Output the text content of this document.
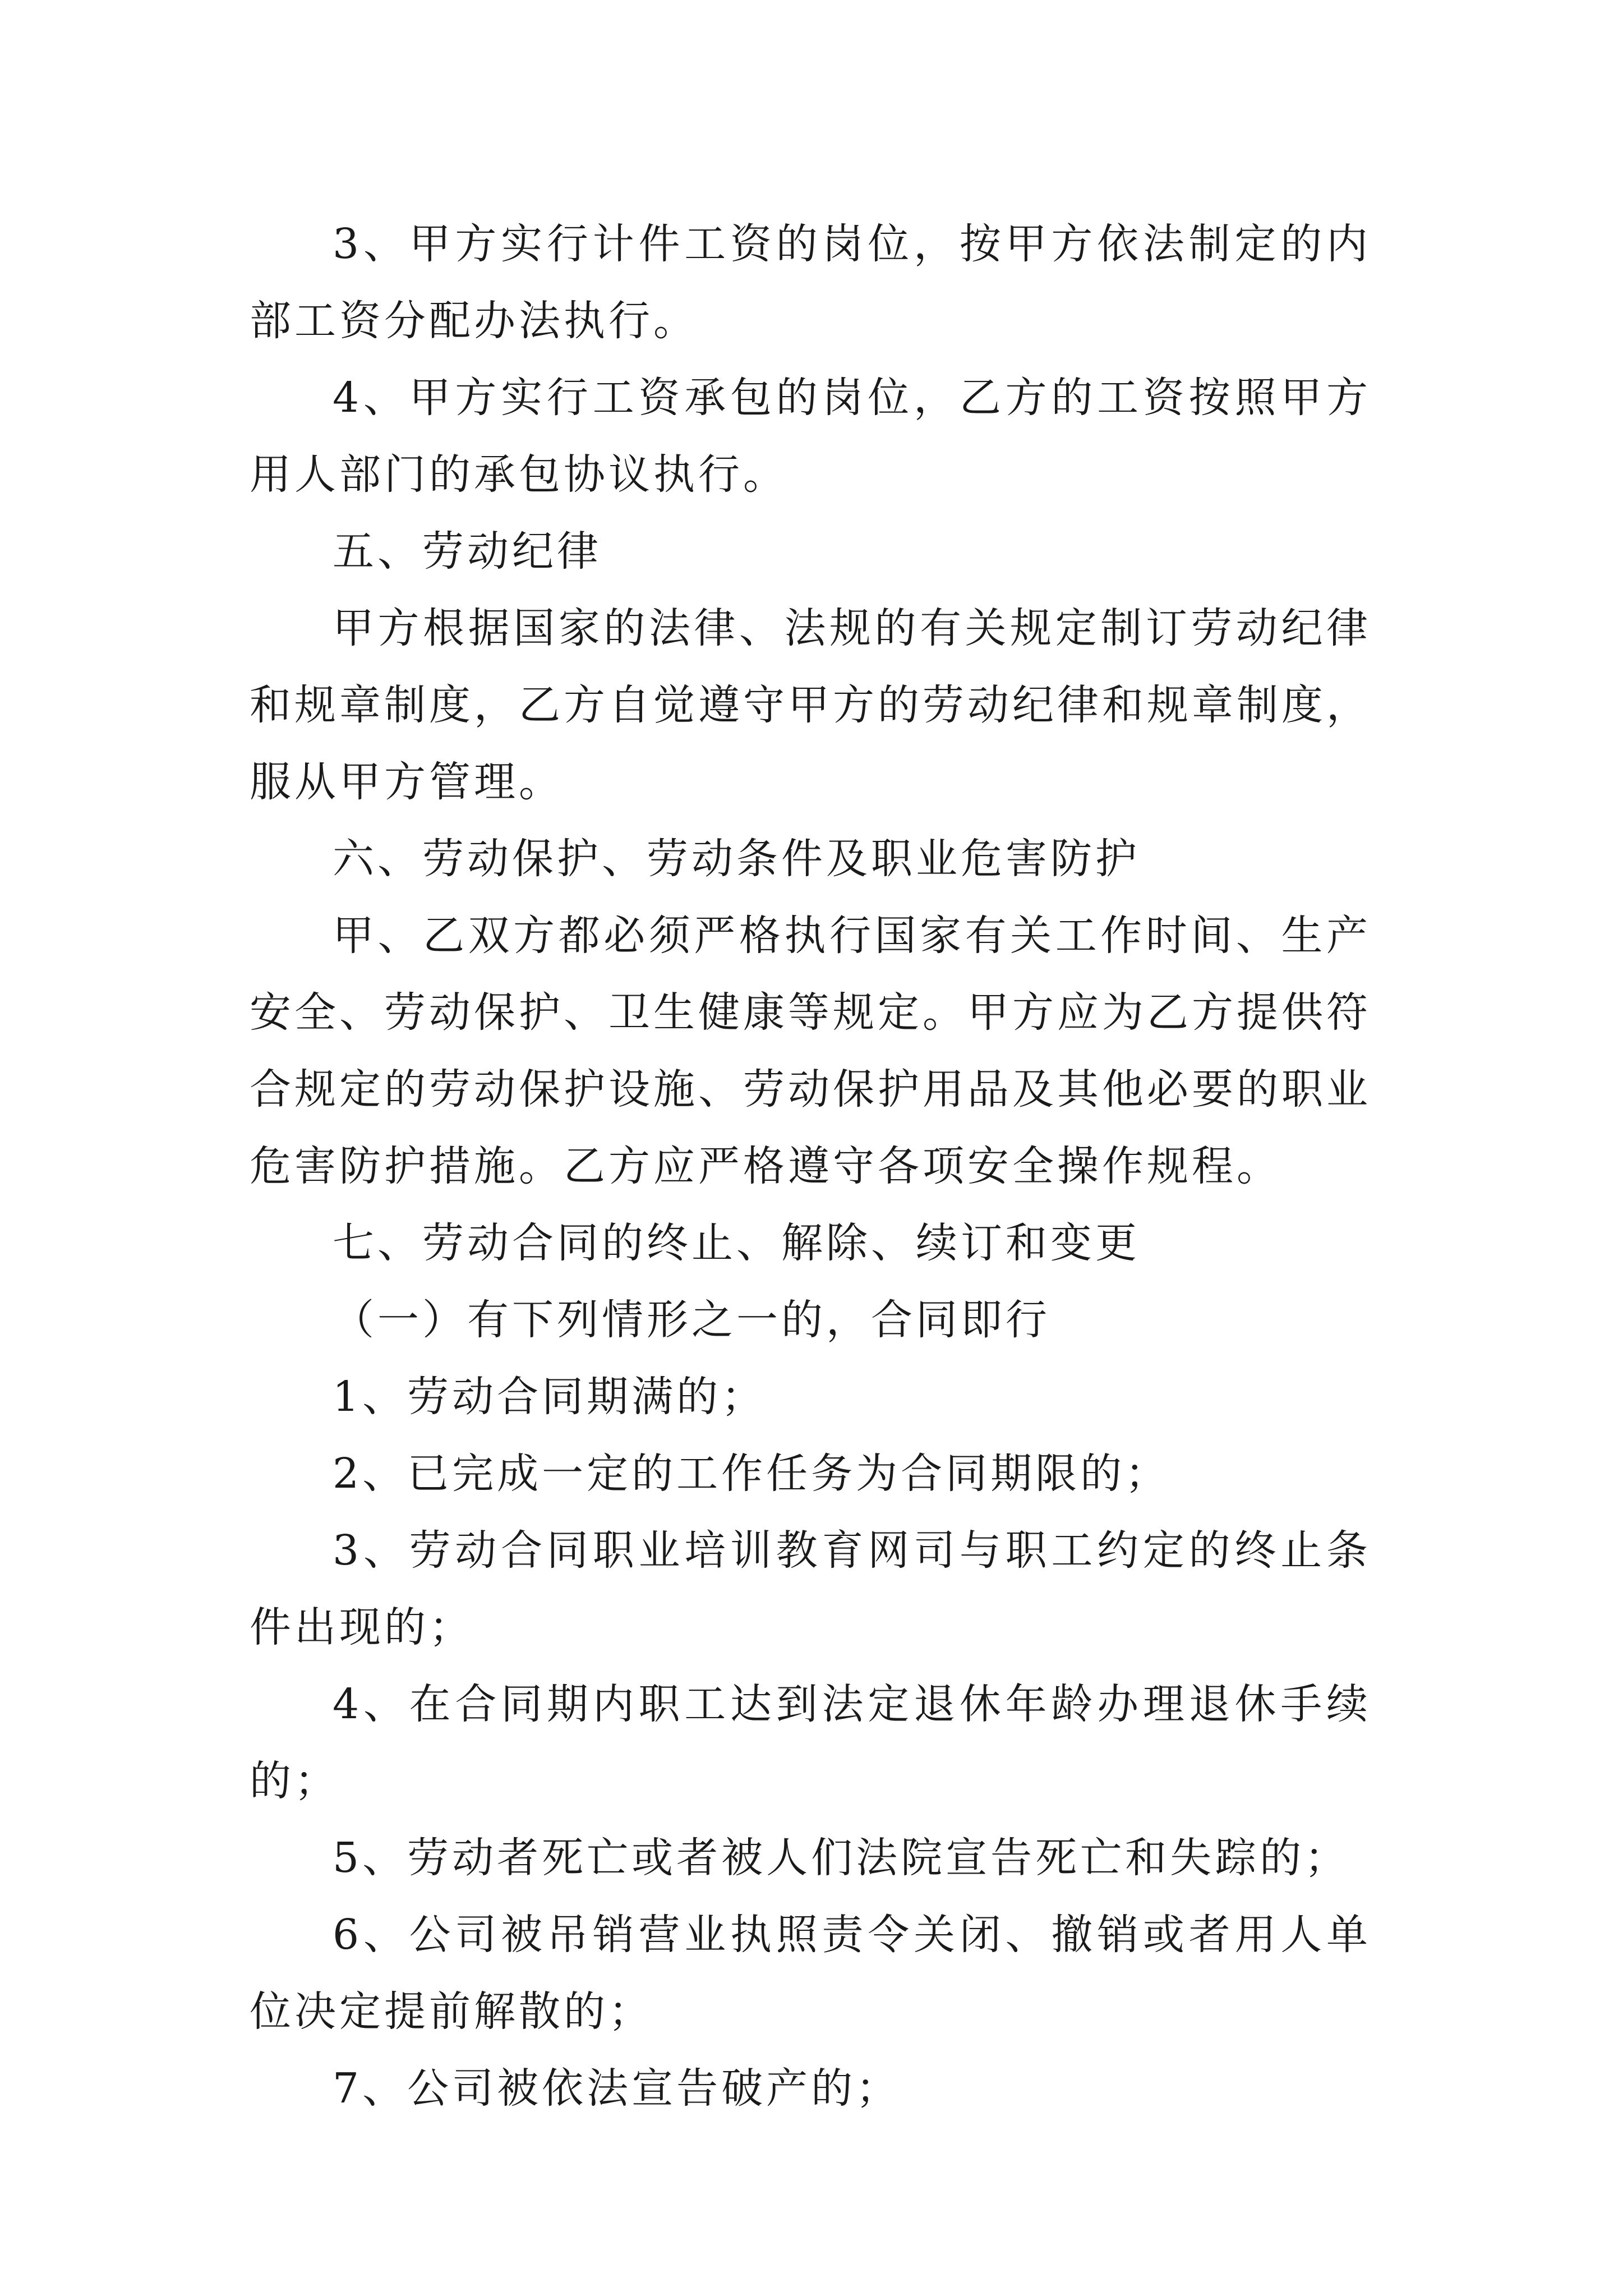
3、甲方实行计件工资的岗位，按甲方依法制定的内部工资分配办法执行。

4、甲方实行工资承包的岗位，乙方的工资按照甲方用人部门的承包协议执行。

五、劳动纪律

甲方根据国家的法律、法规的有关规定制订劳动纪律和规章制度，乙方自觉遵守甲方的劳动纪律和规章制度，服从甲方管理。

六、劳动保护、劳动条件及职业危害防护

甲、乙双方都必须严格执行国家有关工作时间、生产安全、劳动保护、卫生健康等规定。甲方应为乙方提供符合规定的劳动保护设施、劳动保护用品及其他必要的职业危害防护措施。乙方应严格遵守各项安全操作规程。

七、劳动合同的终止、解除、续订和变更

（一）有下列情形之一的，合同即行

1、劳动合同期满的；

2、已完成一定的工作任务为合同期限的；

3、劳动合同职业培训教育网司与职工约定的终止条件出现的；

4、在合同期内职工达到法定退休年龄办理退休手续的；

5、劳动者死亡或者被人们法院宣告死亡和失踪的；

6、公司被吊销营业执照责令关闭、撤销或者用人单位决定提前解散的；

7、公司被依法宣告破产的；
